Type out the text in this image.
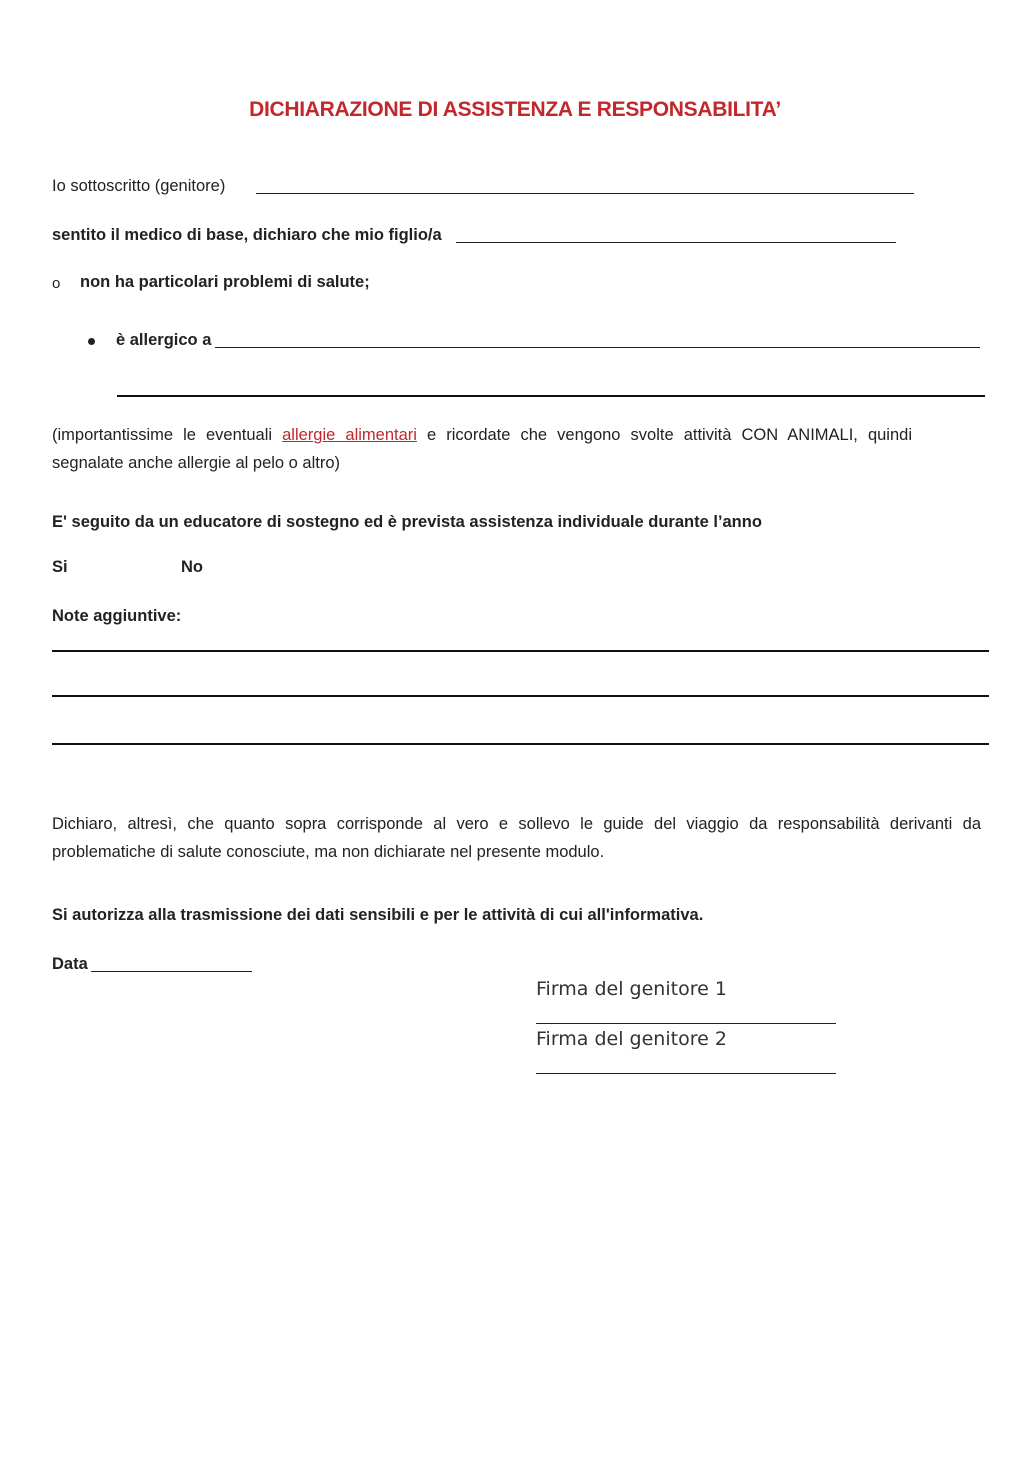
DICHIARAZIONE DI ASSISTENZA E RESPONSABILITA’
Io sottoscritto (genitore)
sentito il medico di base, dichiaro che mio figlio/a
o non ha particolari problemi di salute;
è allergico a
(importantissime le eventuali allergie alimentari e ricordate che vengono svolte attività CON ANIMALI, quindi segnalate anche allergie al pelo o altro)
E' seguito da un educatore di sostegno ed è prevista assistenza individuale durante l’anno
Si	No
Note aggiuntive:
Dichiaro, altresì, che quanto sopra corrisponde al vero e sollevo le guide del viaggio da responsabilità derivanti da problematiche di salute conosciute, ma non dichiarate nel presente modulo.
Si autorizza alla trasmissione dei dati sensibili e per le attività di cui all'informativa.
Data
Firma del genitore 1
Firma del genitore 2
